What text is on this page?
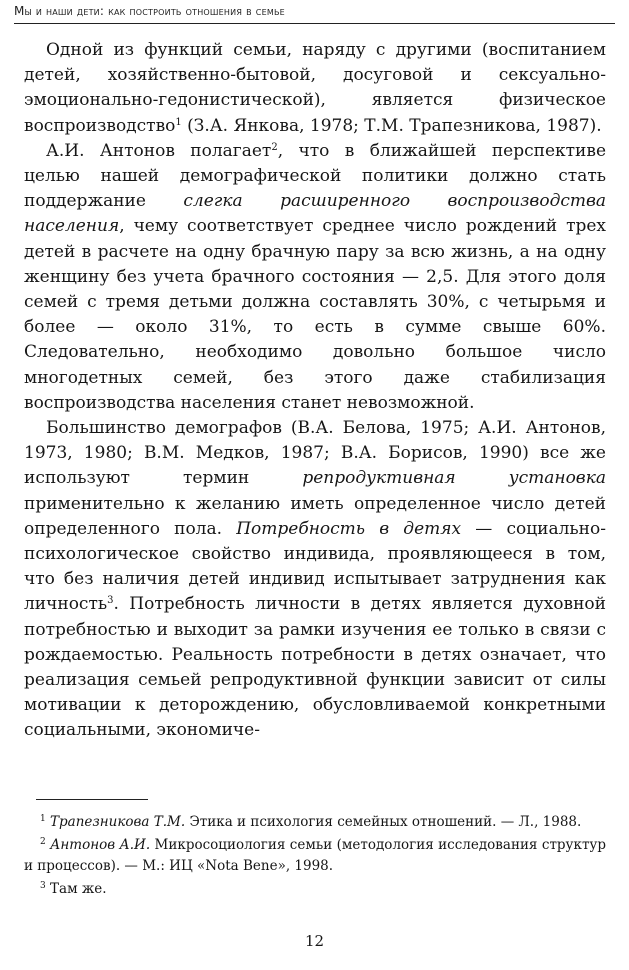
Мы и наши дети: как построить отношения в семье

Одной из функций семьи, наряду с другими (воспитанием детей, хозяйственно-бытовой, досуговой и сексуально-эмоционально-гедонистической), является физическое воспроизводство$^1$ (З.А. Янкова, 1978; Т.М. Трапезникова, 1987).

А.И. Антонов полагает$^2$, что в ближайшей перспективе целью нашей демографической политики должно стать поддержание слегка расширенного воспроизводства населения, чему соответствует среднее число рождений трех детей в расчете на одну брачную пару за всю жизнь, а на одну женщину без учета брачного состояния — 2,5. Для этого доля семей с тремя детьми должна составлять 30%, с четырьмя и более — около 31%, то есть в сумме свыше 60%. Следовательно, необходимо довольно большое число многодетных семей, без этого даже стабилизация воспроизводства населения станет невозможной.

Большинство демографов (В.А. Белова, 1975; А.И. Антонов, 1973, 1980; В.М. Медков, 1987; В.А. Борисов, 1990) все же используют термин репродуктивная установка применительно к желанию иметь определенное число детей определенного пола. Потребность в детях — социально-психологическое свойство индивида, проявляющееся в том, что без наличия детей индивид испытывает затруднения как личность$^3$. Потребность личности в детях является духовной потребностью и выходит за рамки изучения ее только в связи с рождаемостью. Реальность потребности в детях означает, что реализация семьей репродуктивной функции зависит от силы мотивации к деторождению, обусловливаемой конкретными социальными, экономиче-

$^1$ Трапезникова Т.М. Этика и психология семейных отношений. — Л., 1988.

$^2$ Антонов А.И. Микросоциология семьи (методология исследования структур и процессов). — М.: ИЦ «Nota Bene», 1998.

$^3$ Там же.

12
